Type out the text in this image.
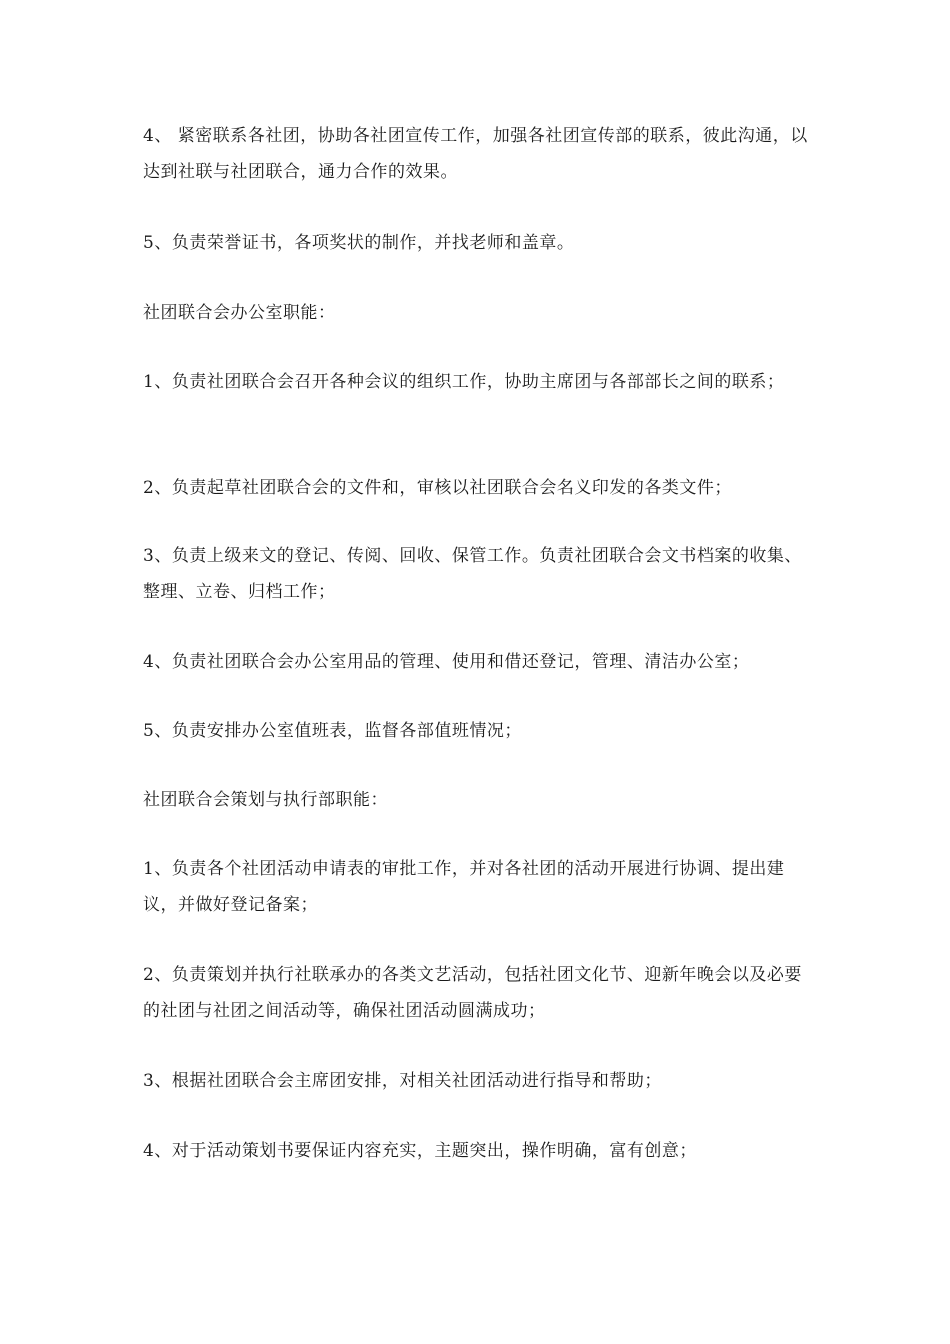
4、 紧密联系各社团，协助各社团宣传工作，加强各社团宣传部的联系，彼此沟通，以达到社联与社团联合，通力合作的效果。

5、负责荣誉证书，各项奖状的制作，并找老师和盖章。

社团联合会办公室职能：

1、负责社团联合会召开各种会议的组织工作，协助主席团与各部部长之间的联系；

2、负责起草社团联合会的文件和，审核以社团联合会名义印发的各类文件；

3、负责上级来文的登记、传阅、回收、保管工作。负责社团联合会文书档案的收集、整理、立卷、归档工作；

4、负责社团联合会办公室用品的管理、使用和借还登记，管理、清洁办公室；

5、负责安排办公室值班表，监督各部值班情况；

社团联合会策划与执行部职能：

1、负责各个社团活动申请表的审批工作，并对各社团的活动开展进行协调、提出建议，并做好登记备案；

2、负责策划并执行社联承办的各类文艺活动，包括社团文化节、迎新年晚会以及必要的社团与社团之间活动等，确保社团活动圆满成功；

3、根据社团联合会主席团安排，对相关社团活动进行指导和帮助；

4、对于活动策划书要保证内容充实，主题突出，操作明确，富有创意；
